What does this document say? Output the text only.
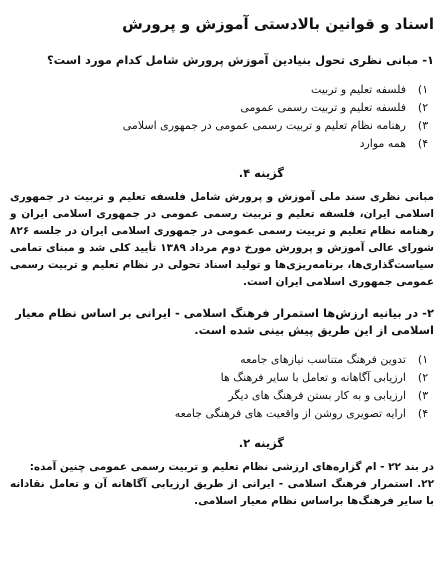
اسناد و قوانین بالادستی آموزش و پرورش

۱- مبانی نظری تحول بنیادین آموزش پرورش شامل کدام مورد است؟

۱)
فلسفه تعلیم و تربیت
۲)
فلسفه تعلیم و تربیت رسمی عمومی
۳)
رهنامه نظام تعلیم و تربیت رسمی عمومی در جمهوری اسلامی
۴)
همه موارد

گزینه ۴.

مبانی نظری سند ملی آموزش و پرورش شامل فلسفه تعلیم و تربیت در جمهوری اسلامی ایران، فلسفه تعلیم و تربیت رسمی عمومی در جمهوری اسلامی ایران و رهنامه نظام تعلیم و تربیت رسمی عمومی در جمهوری اسلامی ایران در جلسه ۸۲۶ شورای عالی آموزش و پرورش مورخ دوم مرداد ۱۳۸۹ تأیید کلی شد و مبنای تمامی سیاست‌گذاری‌ها، برنامه‌ریزی‌ها و تولید اسناد تحولی در نظام تعلیم و تربیت رسمی عمومی جمهوری اسلامی ایران است.

۲- در بیانیه ارزش‌ها استمرار فرهنگ اسلامی - ایرانی بر اساس نظام معیار اسلامی از این طریق پیش بینی شده است.

۱)
تدوین فرهنگ متناسب نیازهای جامعه
۲)
ارزیابی آگاهانه و تعامل با سایر فرهنگ ها
۳)
ارزیابی و به کار بستن فرهنگ های دیگر
۴)
ارایه تصویری روشن از واقعیت های فرهنگی جامعه

گزینه ۲.

در بند ۲۲ - ام گزاره‌های ارزشی نظام تعلیم و تربیت رسمی عمومی چنین آمده:
۲۲. استمرار فرهنگ اسلامی - ایرانی از طریق ارزیابی آگاهانه آن و تعامل نقادانه با سایر فرهنگ‌ها براساس نظام معیار اسلامی.
